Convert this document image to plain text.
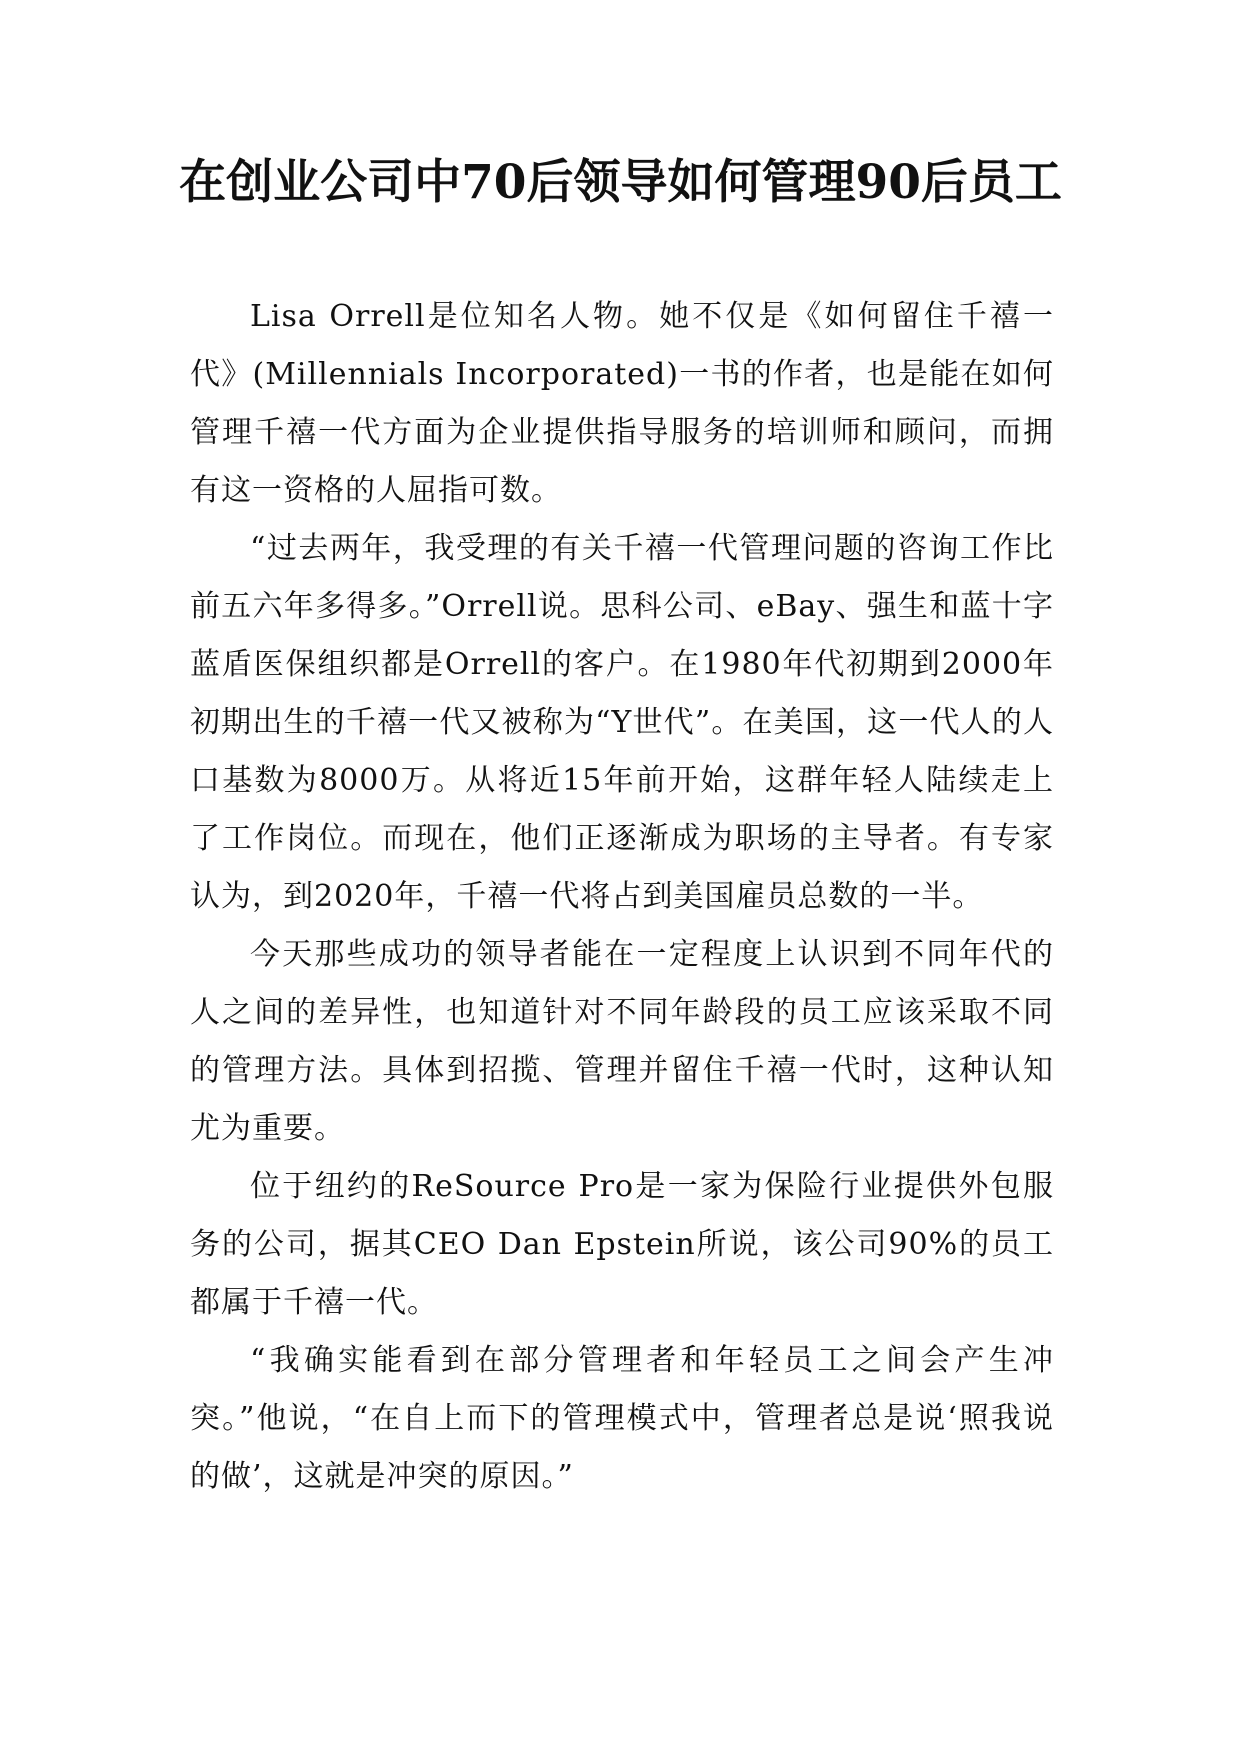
在创业公司中70后领导如何管理90后员工

Lisa Orrell是位知名人物。她不仅是《如何留住千禧一代》(Millennials Incorporated)一书的作者，也是能在如何管理千禧一代方面为企业提供指导服务的培训师和顾问，而拥有这一资格的人屈指可数。

“过去两年，我受理的有关千禧一代管理问题的咨询工作比前五六年多得多。”Orrell说。思科公司、eBay、强生和蓝十字蓝盾医保组织都是Orrell的客户。在1980年代初期到2000年初期出生的千禧一代又被称为“Y世代”。在美国，这一代人的人口基数为8000万。从将近15年前开始，这群年轻人陆续走上了工作岗位。而现在，他们正逐渐成为职场的主导者。有专家认为，到2020年，千禧一代将占到美国雇员总数的一半。

今天那些成功的领导者能在一定程度上认识到不同年代的人之间的差异性，也知道针对不同年龄段的员工应该采取不同的管理方法。具体到招揽、管理并留住千禧一代时，这种认知尤为重要。

位于纽约的ReSource Pro是一家为保险行业提供外包服务的公司，据其CEO Dan Epstein所说，该公司90%的员工都属于千禧一代。

“我确实能看到在部分管理者和年轻员工之间会产生冲突。”他说，“在自上而下的管理模式中，管理者总是说‘照我说的做’，这就是冲突的原因。”
